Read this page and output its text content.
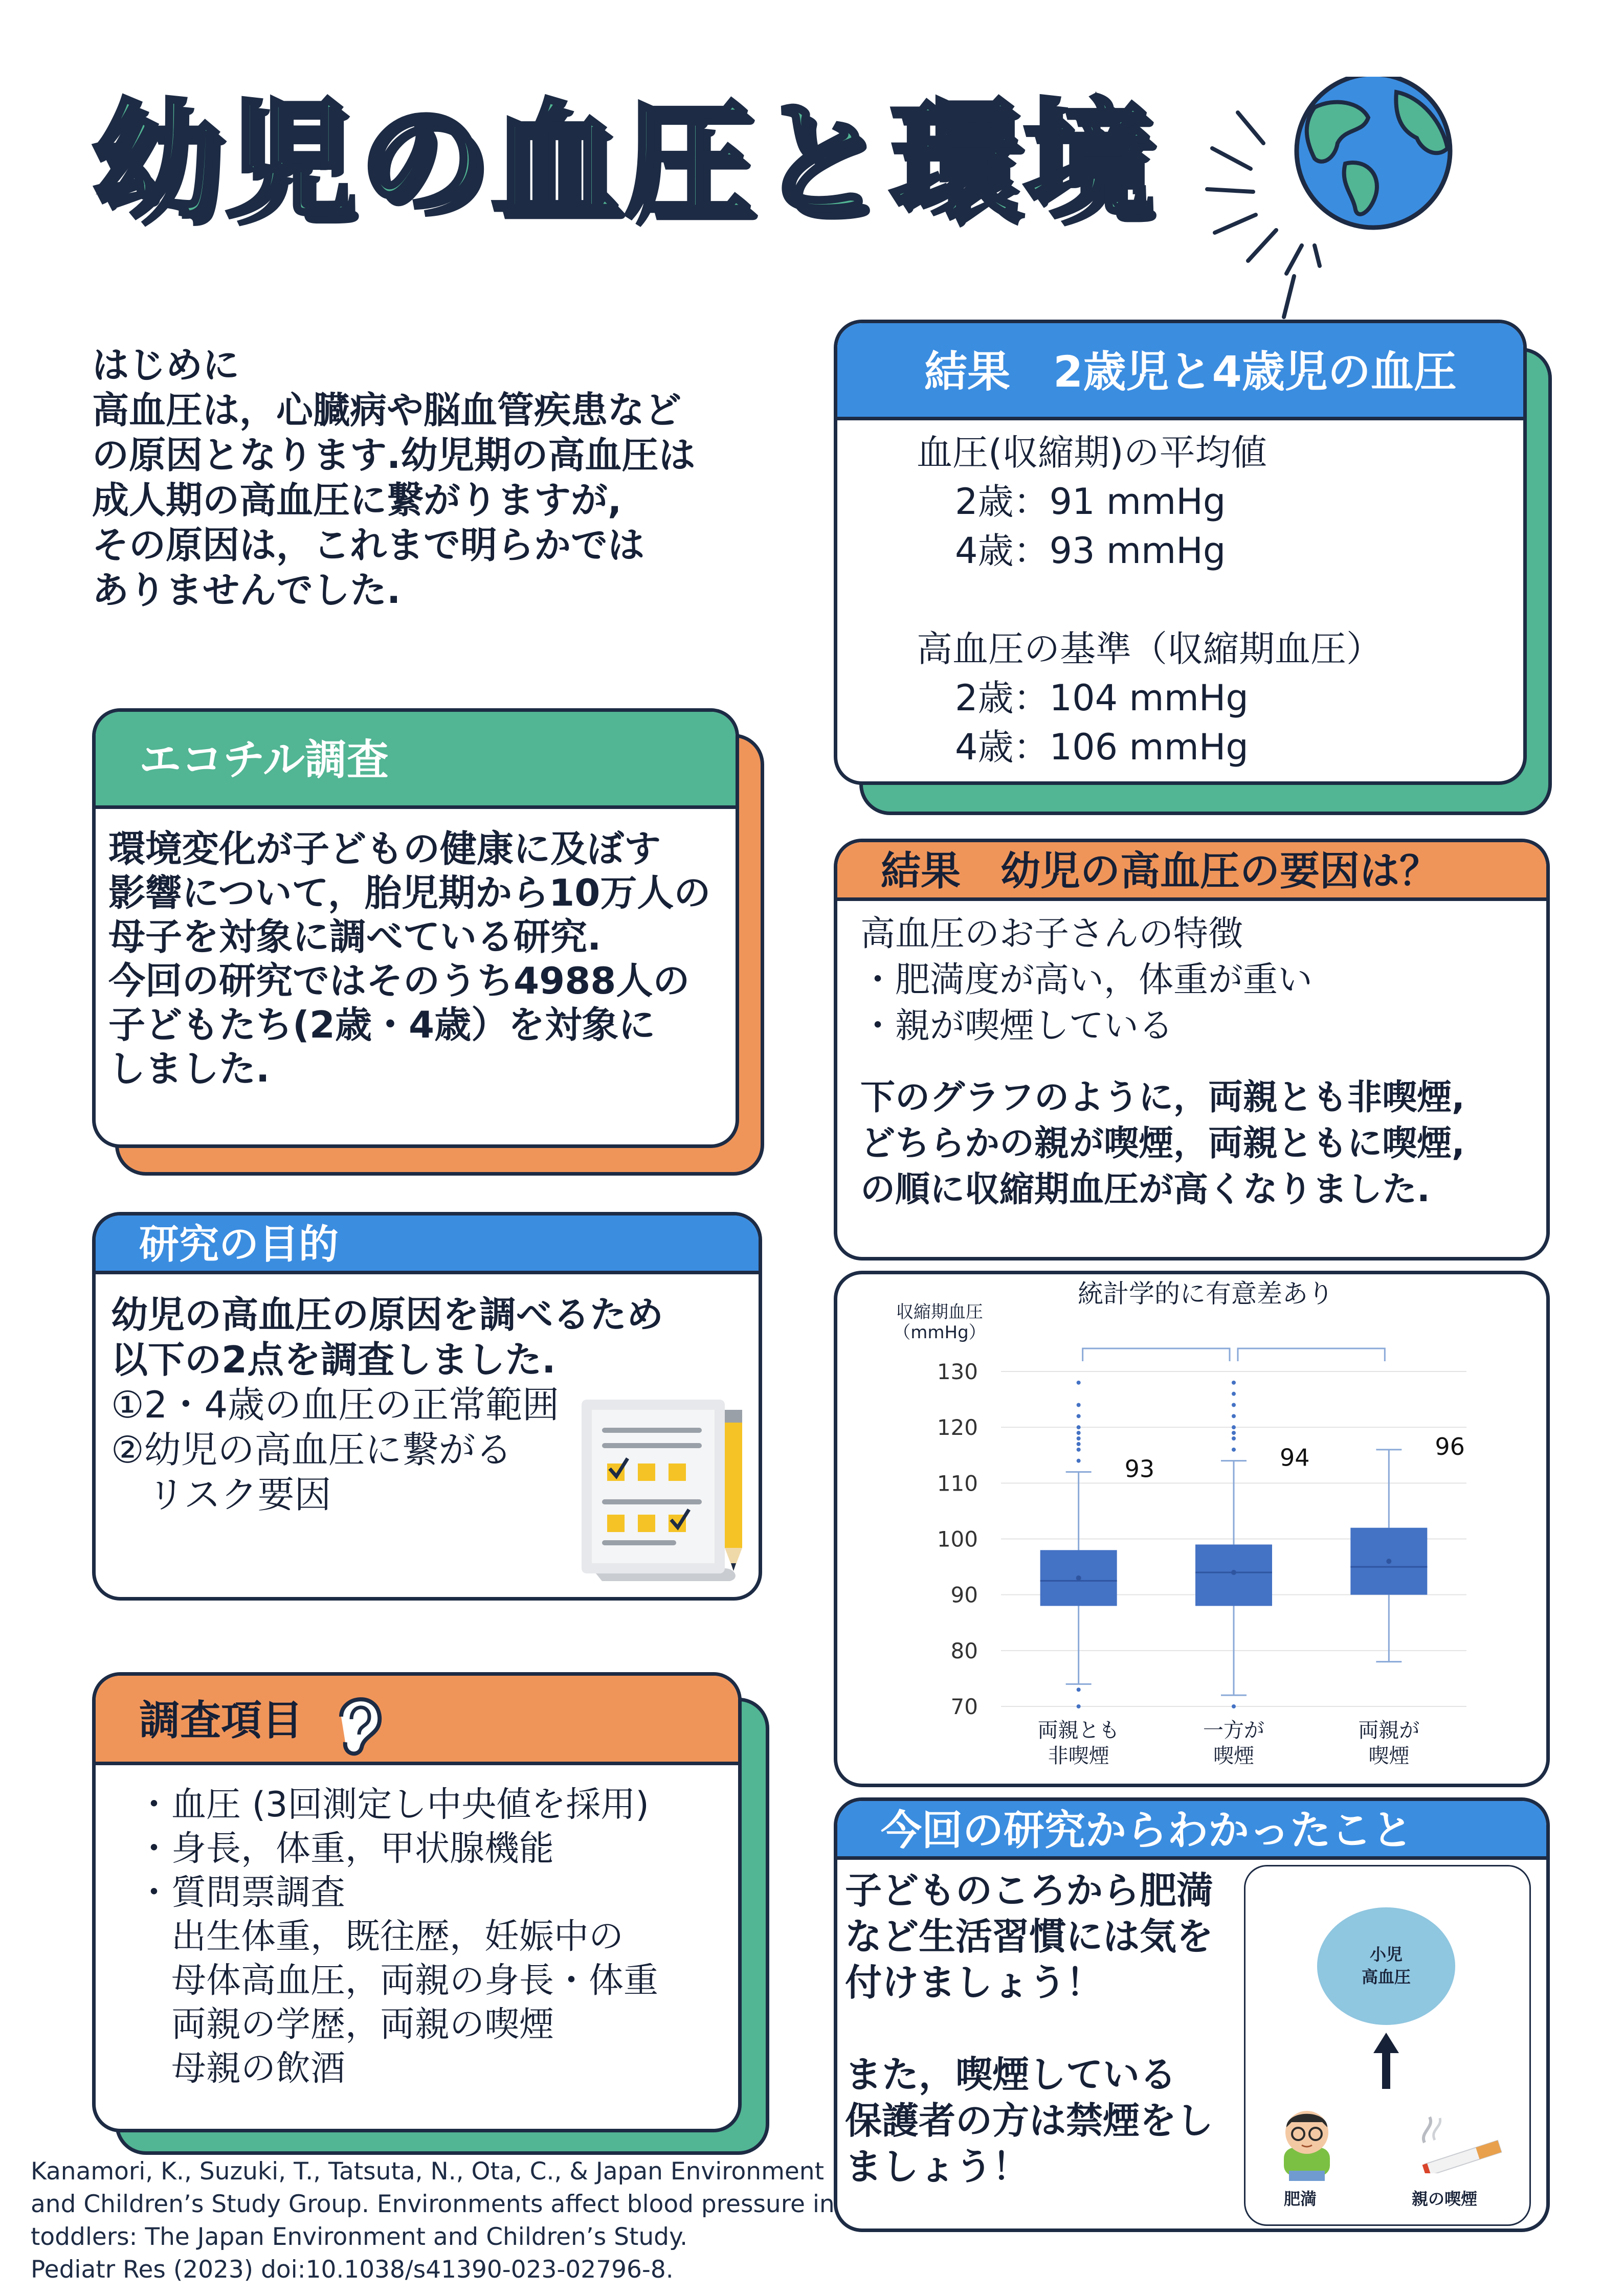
幼児の血圧と環境
はじめに
高血圧は，心臓病や脳血管疾患など
の原因となります.幼児期の高血圧は
成人期の高血圧に繋がりますが,
その原因は，これまで明らかでは
ありませんでした.
エコチル調査
環境変化が子どもの健康に及ぼす
影響について，胎児期から10万人の
母子を対象に調べている研究.
今回の研究ではそのうち4988人の
子どもたち(2歳・4歳）を対象に
しました.
研究の目的
幼児の高血圧の原因を調べるため
以下の2点を調査しました.
①2・4歳の血圧の正常範囲
②幼児の高血圧に繋がる
　リスク要因
調査項目
・血圧 (3回測定し中央値を採用)
・身長，体重，甲状腺機能
・質問票調査
　出生体重，既往歴，妊娠中の
　母体高血圧，両親の身長・体重
　両親の学歴，両親の喫煙
　母親の飲酒
結果　2歳児と4歳児の血圧
血圧(収縮期)の平均値
2歳：91 mmHg
4歳：93 mmHg
高血圧の基準（収縮期血圧）
2歳：104 mmHg
4歳：106 mmHg
結果　幼児の高血圧の要因は？
高血圧のお子さんの特徴
・肥満度が高い，体重が重い
・親が喫煙している
下のグラフのように，両親とも非喫煙,
どちらかの親が喫煙，両親ともに喫煙,
の順に収縮期血圧が高くなりました.
統計学的に有意差あり
収縮期血圧
（mmHg）
130
120
110
100
90
80
70
93
両親とも
非喫煙
94
一方が
喫煙
96
両親が
喫煙
今回の研究からわかったこと
子どものころから肥満
など生活習慣には気を
付けましょう！
また，喫煙している
保護者の方は禁煙をし
ましょう！
小児
高血圧
肥満	親の喫煙
Kanamori, K., Suzuki, T., Tatsuta, N., Ota, C., & Japan Environment
and Children’s Study Group. Environments affect blood pressure in
toddlers: The Japan Environment and Children’s Study.
Pediatr Res (2023) doi:10.1038/s41390-023-02796-8.
